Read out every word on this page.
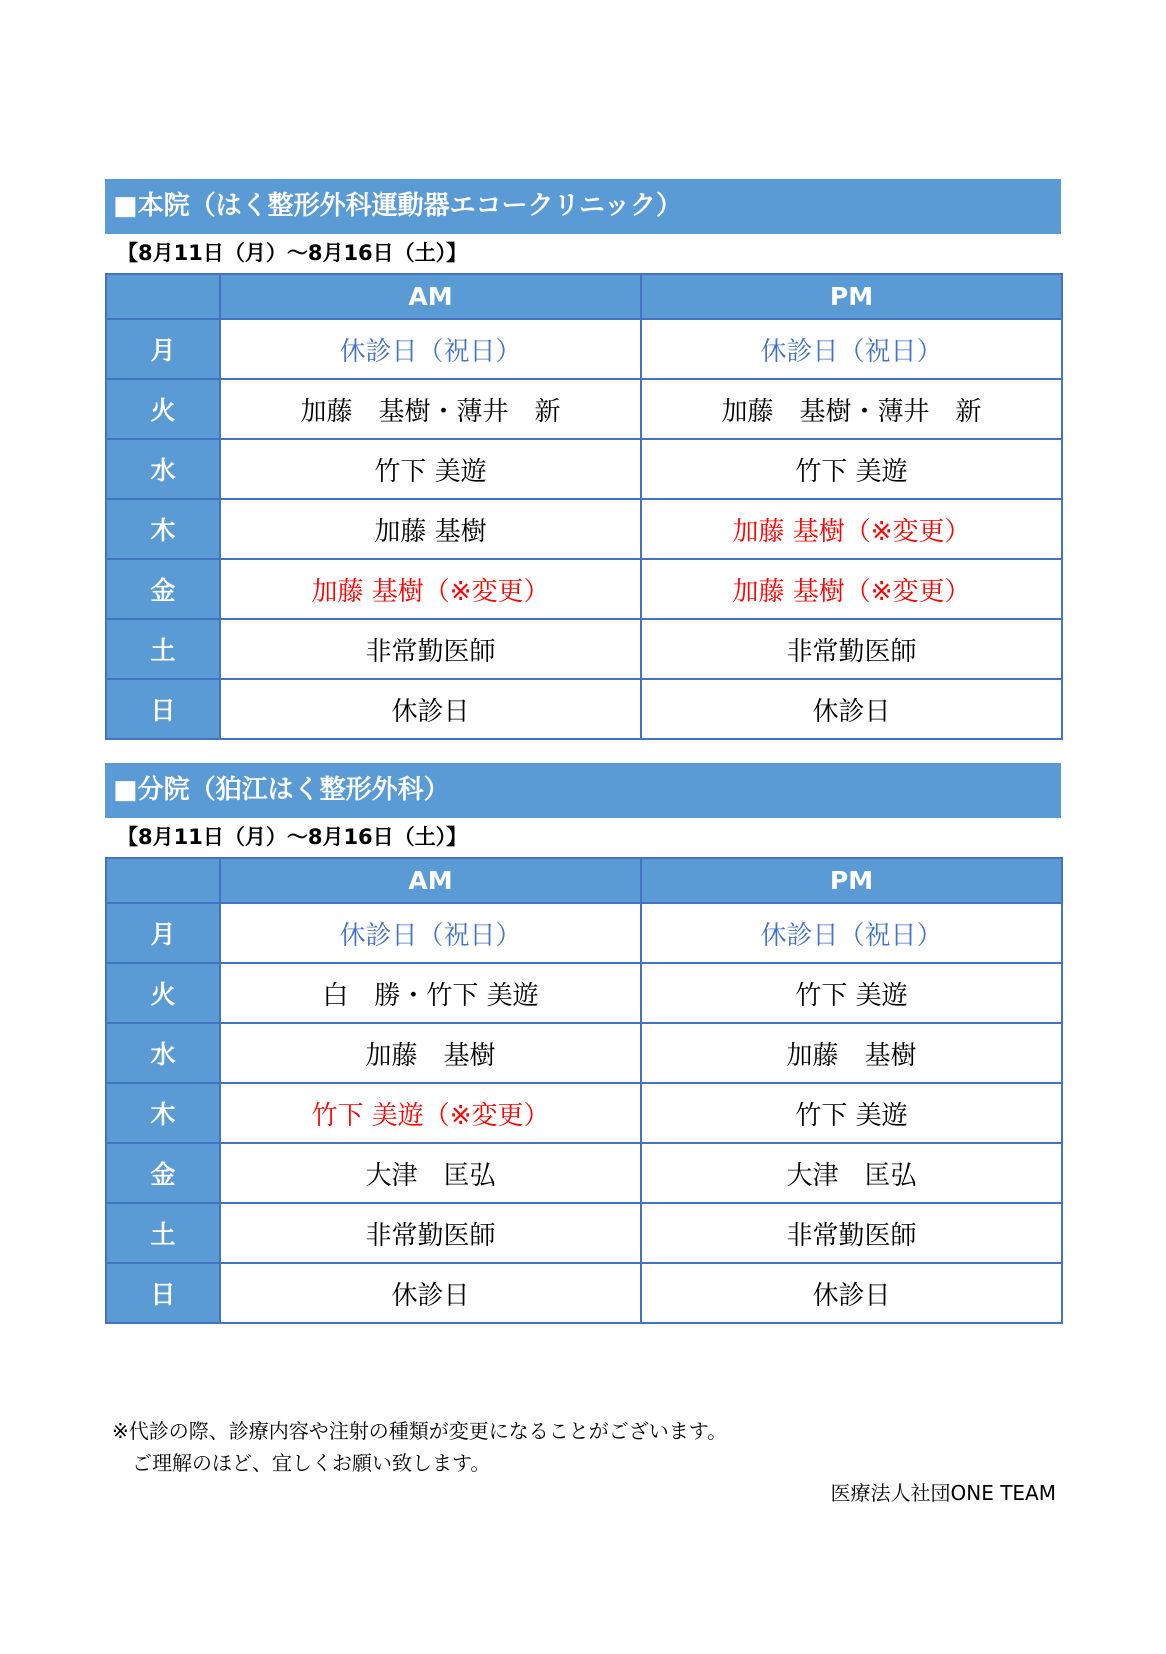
■本院（はく整形外科運動器エコークリニック）
【8月11日（月）～8月16日（土）】
	AM	PM
月	休診日（祝日）	休診日（祝日）
火	加藤　基樹・薄井　新	加藤　基樹・薄井　新
水	竹下 美遊	竹下 美遊
木	加藤 基樹	加藤 基樹（※変更）
金	加藤 基樹（※変更）	加藤 基樹（※変更）
土	非常勤医師	非常勤医師
日	休診日	休診日
■分院（狛江はく整形外科）
【8月11日（月）～8月16日（土）】
	AM	PM
月	休診日（祝日）	休診日（祝日）
火	白　勝・竹下 美遊	竹下 美遊
水	加藤　基樹	加藤　基樹
木	竹下 美遊（※変更）	竹下 美遊
金	大津　匡弘	大津　匡弘
土	非常勤医師	非常勤医師
日	休診日	休診日
※代診の際、診療内容や注射の種類が変更になることがございます。
ご理解のほど、宜しくお願い致します。
医療法人社団ONE TEAM
